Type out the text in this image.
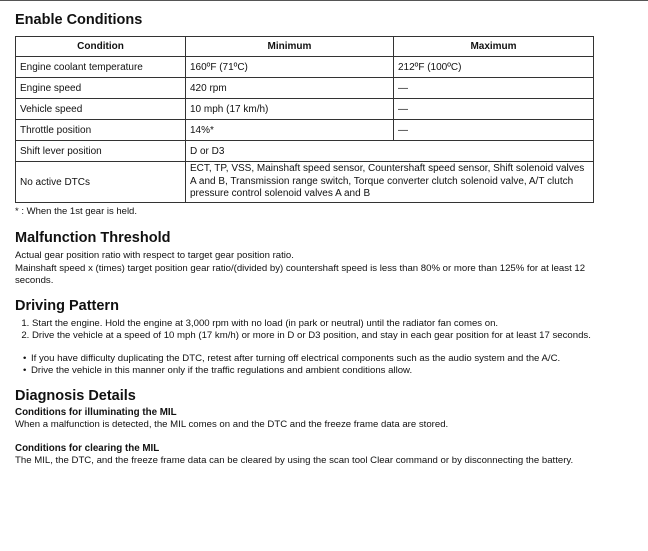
Enable Conditions
Condition	Minimum	Maximum
Engine coolant temperature	160ºF (71ºC)	212ºF (100ºC)
Engine speed	420 rpm	—
Vehicle speed	10 mph (17 km/h)	—
Throttle position	14%*	—
Shift lever position	D or D3	
No active DTCs	ECT, TP, VSS, Mainshaft speed sensor, Countershaft speed sensor, Shift solenoid valves A and B, Transmission range switch, Torque converter clutch solenoid valve, A/T clutch pressure control solenoid valves A and B	
* : When the 1st gear is held.
Malfunction Threshold

Actual gear position ratio with respect to target gear position ratio.

Mainshaft speed x (times) target position gear ratio/(divided by) countershaft speed is less than 80% or more than 125% for at least 12 seconds.

Driving Pattern
1. Start the engine. Hold the engine at 3,000 rpm with no load (in park or neutral) until the radiator fan comes on.
2. Drive the vehicle at a speed of 10 mph (17 km/h) or more in D or D3 position, and stay in each gear position for at least 17 seconds.
• If you have difficulty duplicating the DTC, retest after turning off electrical components such as the audio system and the A/C.
• Drive the vehicle in this manner only if the traffic regulations and ambient conditions allow.
Diagnosis Details

Conditions for illuminating the MIL

When a malfunction is detected, the MIL comes on and the DTC and the freeze frame data are stored.

Conditions for clearing the MIL

The MIL, the DTC, and the freeze frame data can be cleared by using the scan tool Clear command or by disconnecting the battery.
